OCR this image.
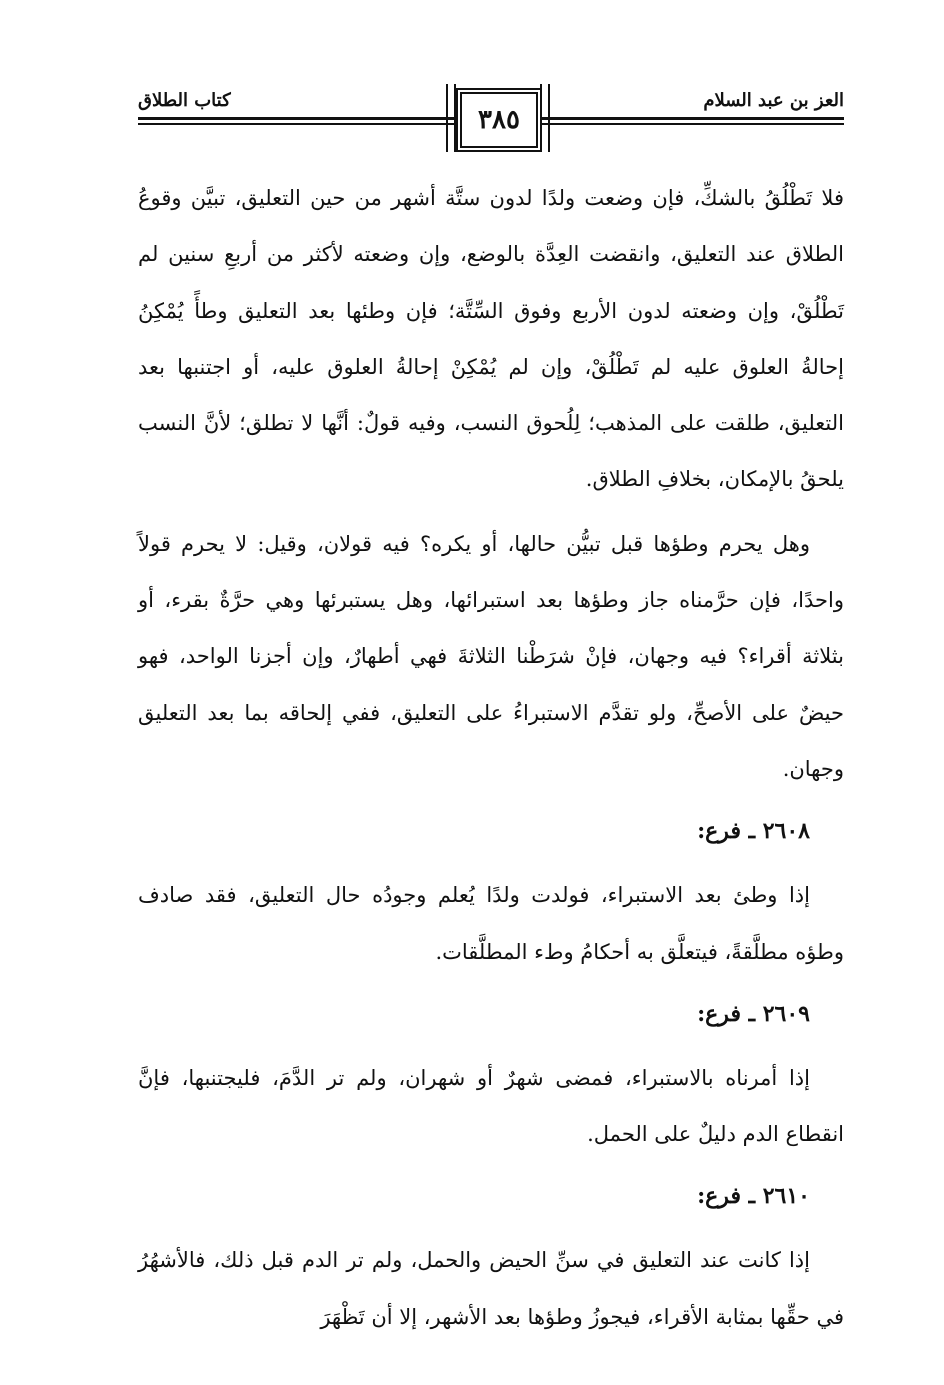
العز بن عبد السلام
كتاب الطلاق
٣٨٥

فلا تَطْلُقُ بالشكِّ، فإن وضعت ولدًا لدون ستَّة أشهر من حين التعليق، تبيَّن وقوعُ الطلاق عند التعليق، وانقضت العِدَّة بالوضع، وإن وضعته لأكثر من أربعِ سنين لم تَطْلُقْ، وإن وضعته لدون الأربع وفوق السِّتَّة؛ فإن وطئها بعد التعليق وطأً يُمْكِنُ إحالةُ العلوق عليه لم تَطْلُقْ، وإن لم يُمْكِنْ إحالةُ العلوق عليه، أو اجتنبها بعد التعليق، طلقت على المذهب؛ لِلُحوق النسب، وفيه قولٌ: أنَّها لا تطلق؛ لأنَّ النسب يلحقُ بالإمكان، بخلافِ الطلاق.

وهل يحرم وطؤها قبل تبيُّن حالها، أو يكره؟ فيه قولان، وقيل: لا يحرم قولاً واحدًا، فإن حرَّمناه جاز وطؤها بعد استبرائها، وهل يستبرئها وهي حرَّةٌ بقرء، أو بثلاثة أقراء؟ فيه وجهان، فإنْ شرَطْنا الثلاثةَ فهي أطهارٌ، وإن أجزنا الواحد، فهو حيضٌ على الأصحِّ، ولو تقدَّم الاستبراءُ على التعليق، ففي إلحاقه بما بعد التعليق وجهان.

٢٦٠٨ ـ فرع:

إذا وطئ بعد الاستبراء، فولدت ولدًا يُعلم وجودُه حال التعليق، فقد صادف وطؤه مطلَّقةً، فيتعلَّق به أحكامُ وطء المطلَّقات.

٢٦٠٩ ـ فرع:

إذا أمرناه بالاستبراء، فمضى شهرٌ أو شهران، ولم تر الدَّمَ، فليجتنبها، فإنَّ انقطاع الدم دليلٌ على الحمل.

٢٦١٠ ـ فرع:

إذا كانت عند التعليق في سنِّ الحيض والحمل، ولم تر الدم قبل ذلك، فالأشهُرُ في حقِّها بمثابة الأقراء، فيجوزُ وطؤها بعد الأشهر، إلا أن تَظْهَرَ
